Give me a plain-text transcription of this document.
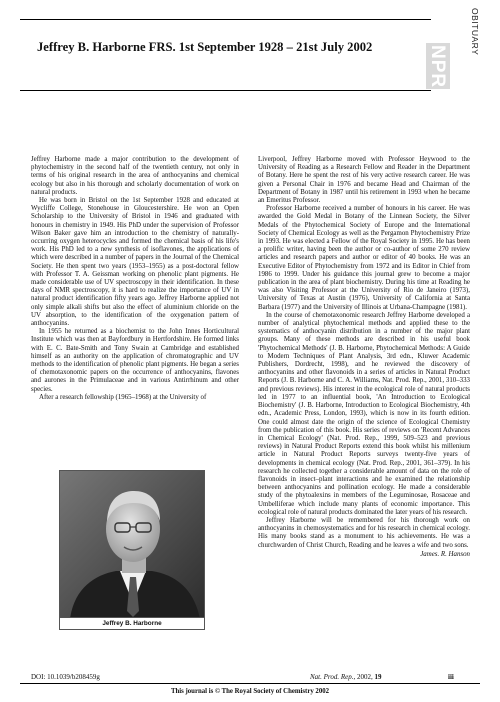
OBITUARY
NPR
Jeffrey B. Harborne FRS. 1st September 1928 – 21st July 2002

Jeffrey Harborne made a major contribution to the development of phytochemistry in the second half of the twentieth century, not only in terms of his original research in the area of anthocyanins and chemical ecology but also in his thorough and scholarly documentation of work on natural products.

He was born in Bristol on the 1st September 1928 and educated at Wycliffe College, Stonehouse in Gloucestershire. He won an Open Scholarship to the University of Bristol in 1946 and graduated with honours in chemistry in 1949. His PhD under the supervision of Professor Wilson Baker gave him an introduction to the chemistry of naturally-occurring oxygen heterocycles and formed the chemical basis of his life's work. His PhD led to a new synthesis of isoflavones, the applications of which were described in a number of papers in the Journal of the Chemical Society. He then spent two years (1953–1955) as a post-doctoral fellow with Professor T. A. Geissman working on phenolic plant pigments. He made considerable use of UV spectroscopy in their identification. In these days of NMR spectroscopy, it is hard to realize the importance of UV in natural product identification fifty years ago. Jeffrey Harborne applied not only simple alkali shifts but also the effect of aluminium chloride on the UV absorption, to the identification of the oxygenation pattern of anthocyanins.

In 1955 he returned as a biochemist to the John Innes Horticultural Institute which was then at Bayfordbury in Hertfordshire. He formed links with E. C. Bate-Smith and Tony Swain at Cambridge and established himself as an authority on the application of chromatographic and UV methods to the identification of phenolic plant pigments. He began a series of chemotaxonomic papers on the occurrence of anthocyanins, flavones and aurones in the Primulaceae and in various Antirrhinum and other species.

After a research fellowship (1965–1968) at the University of

Jeffrey B. Harborne

Liverpool, Jeffrey Harborne moved with Professor Heywood to the University of Reading as a Research Fellow and Reader in the Department of Botany. Here he spent the rest of his very active research career. He was given a Personal Chair in 1976 and became Head and Chairman of the Department of Botany in 1987 until his retirement in 1993 when he became an Emeritus Professor.

Professor Harborne received a number of honours in his career. He was awarded the Gold Medal in Botany of the Linnean Society, the Silver Medals of the Phytochemical Society of Europe and the International Society of Chemical Ecology as well as the Pergamon Phytochemistry Prize in 1993. He was elected a Fellow of the Royal Society in 1995. He has been a prolific writer, having been the author or co-author of some 270 review articles and research papers and author or editor of 40 books. He was an Executive Editor of Phytochemistry from 1972 and its Editor in Chief from 1986 to 1999. Under his guidance this journal grew to become a major publication in the area of plant biochemistry. During his time at Reading he was also Visiting Professor at the University of Rio de Janeiro (1973), University of Texas at Austin (1976), University of California at Santa Barbara (1977) and the University of Illinois at Urbana-Champagne (1981).

In the course of chemotaxonomic research Jeffrey Harborne developed a number of analytical phytochemical methods and applied these to the systematics of anthocyanin distribution in a number of the major plant groups. Many of these methods are described in his useful book 'Phytochemical Methods' (J. B. Harborne, Phytochemical Methods: A Guide to Modern Techniques of Plant Analysis, 3rd edn., Kluwer Academic Publishers, Dordrecht, 1998), and he reviewed the discovery of anthocyanins and other flavonoids in a series of articles in Natural Product Reports (J. B. Harborne and C. A. Williams, Nat. Prod. Rep., 2001, 310–333 and previous reviews). His interest in the ecological role of natural products led in 1977 to an influential book, 'An Introduction to Ecological Biochemistry' (J. B. Harborne, Introduction to Ecological Biochemistry, 4th edn., Academic Press, London, 1993), which is now in its fourth edition. One could almost date the origin of the science of Ecological Chemistry from the publication of this book. His series of reviews on 'Recent Advances in Chemical Ecology' (Nat. Prod. Rep., 1999, 509–523 and previous reviews) in Natural Product Reports extend this book whilst his millenium article in Natural Product Reports surveys twenty-five years of developments in chemical ecology (Nat. Prod. Rep., 2001, 361–379). In his research he collected together a considerable amount of data on the role of flavonoids in insect–plant interactions and he examined the relationship between anthocyanins and pollination ecology. He made a considerable study of the phytoalexins in members of the Leguminosae, Rosaceae and Umbelliferae which include many plants of economic importance. This ecological role of natural products dominated the later years of his research.

Jeffrey Harborne will be remembered for his thorough work on anthocyanins in chemosystematics and for his research in chemical ecology. His many books stand as a monument to his achievements. He was a churchwarden of Christ Church, Reading and he leaves a wife and two sons.

James. R. Hanson
DOI: 10.1039/b208459g	Nat. Prod. Rep., 2002, 19	iii
This journal is © The Royal Society of Chemistry 2002
